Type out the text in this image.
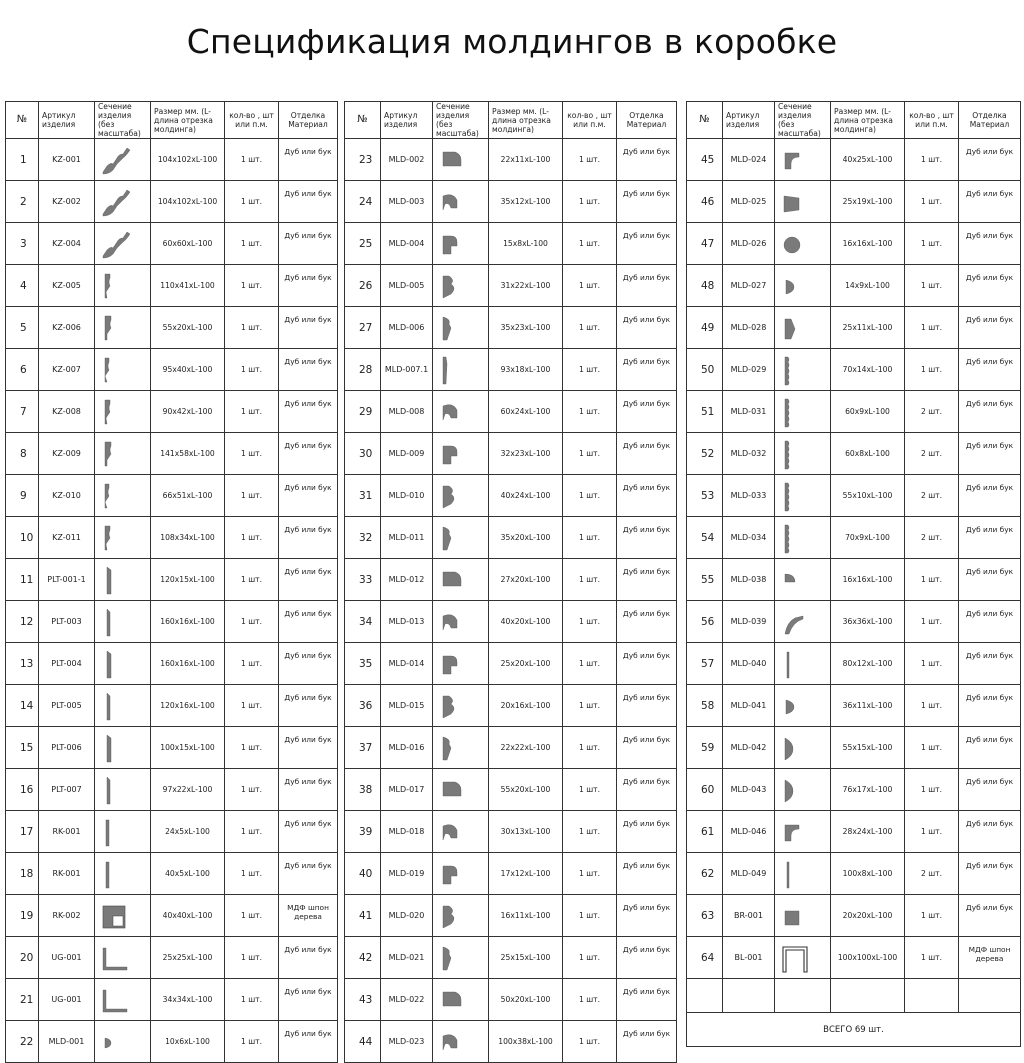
Спецификация молдингов в коробке
№	Артикул изделия	Сечение изделия (без масштаба)	Размер мм. (L-длина отрезка молдинга)	кол-во , шт или п.м.	Отделка Материал
1	KZ-001		104x102xL-100	1 шт.	Дуб или бук
2	KZ-002		104x102xL-100	1 шт.	Дуб или бук
3	KZ-004		60x60xL-100	1 шт.	Дуб или бук
4	KZ-005		110x41xL-100	1 шт.	Дуб или бук
5	KZ-006		55x20xL-100	1 шт.	Дуб или бук
6	KZ-007		95x40xL-100	1 шт.	Дуб или бук
7	KZ-008		90x42xL-100	1 шт.	Дуб или бук
8	KZ-009		141x58xL-100	1 шт.	Дуб или бук
9	KZ-010		66x51xL-100	1 шт.	Дуб или бук
10	KZ-011		108x34xL-100	1 шт.	Дуб или бук
11	PLT-001-1		120x15xL-100	1 шт.	Дуб или бук
12	PLT-003		160x16xL-100	1 шт.	Дуб или бук
13	PLT-004		160x16xL-100	1 шт.	Дуб или бук
14	PLT-005		120x16xL-100	1 шт.	Дуб или бук
15	PLT-006		100x15xL-100	1 шт.	Дуб или бук
16	PLT-007		97x22xL-100	1 шт.	Дуб или бук
17	RK-001		24x5xL-100	1 шт.	Дуб или бук
18	RK-001		40x5xL-100	1 шт.	Дуб или бук
19	RK-002		40x40xL-100	1 шт.	МДФ шпон дерева
20	UG-001		25x25xL-100	1 шт.	Дуб или бук
21	UG-001		34x34xL-100	1 шт.	Дуб или бук
22	MLD-001		10x6xL-100	1 шт.	Дуб или бук
№	Артикул изделия	Сечение изделия (без масштаба)	Размер мм. (L-длина отрезка молдинга)	кол-во , шт или п.м.	Отделка Материал
23	MLD-002		22x11xL-100	1 шт.	Дуб или бук
24	MLD-003		35x12xL-100	1 шт.	Дуб или бук
25	MLD-004		15x8xL-100	1 шт.	Дуб или бук
26	MLD-005		31x22xL-100	1 шт.	Дуб или бук
27	MLD-006		35x23xL-100	1 шт.	Дуб или бук
28	MLD-007.1		93x18xL-100	1 шт.	Дуб или бук
29	MLD-008		60x24xL-100	1 шт.	Дуб или бук
30	MLD-009		32x23xL-100	1 шт.	Дуб или бук
31	MLD-010		40x24xL-100	1 шт.	Дуб или бук
32	MLD-011		35x20xL-100	1 шт.	Дуб или бук
33	MLD-012		27x20xL-100	1 шт.	Дуб или бук
34	MLD-013		40x20xL-100	1 шт.	Дуб или бук
35	MLD-014		25x20xL-100	1 шт.	Дуб или бук
36	MLD-015		20x16xL-100	1 шт.	Дуб или бук
37	MLD-016		22x22xL-100	1 шт.	Дуб или бук
38	MLD-017		55x20xL-100	1 шт.	Дуб или бук
39	MLD-018		30x13xL-100	1 шт.	Дуб или бук
40	MLD-019		17x12xL-100	1 шт.	Дуб или бук
41	MLD-020		16x11xL-100	1 шт.	Дуб или бук
42	MLD-021		25x15xL-100	1 шт.	Дуб или бук
43	MLD-022		50x20xL-100	1 шт.	Дуб или бук
44	MLD-023		100x38xL-100	1 шт.	Дуб или бук
№	Артикул изделия	Сечение изделия (без масштаба)	Размер мм. (L-длина отрезка молдинга)	кол-во , шт или п.м.	Отделка Материал
45	MLD-024		40x25xL-100	1 шт.	Дуб или бук
46	MLD-025		25x19xL-100	1 шт.	Дуб или бук
47	MLD-026		16x16xL-100	1 шт.	Дуб или бук
48	MLD-027		14x9xL-100	1 шт.	Дуб или бук
49	MLD-028		25x11xL-100	1 шт.	Дуб или бук
50	MLD-029		70x14xL-100	1 шт.	Дуб или бук
51	MLD-031		60x9xL-100	2 шт.	Дуб или бук
52	MLD-032		60x8xL-100	2 шт.	Дуб или бук
53	MLD-033		55x10xL-100	2 шт.	Дуб или бук
54	MLD-034		70x9xL-100	2 шт.	Дуб или бук
55	MLD-038		16x16xL-100	1 шт.	Дуб или бук
56	MLD-039		36x36xL-100	1 шт.	Дуб или бук
57	MLD-040		80x12xL-100	1 шт.	Дуб или бук
58	MLD-041		36x11xL-100	1 шт.	Дуб или бук
59	MLD-042		55x15xL-100	1 шт.	Дуб или бук
60	MLD-043		76x17xL-100	1 шт.	Дуб или бук
61	MLD-046		28x24xL-100	1 шт.	Дуб или бук
62	MLD-049		100x8xL-100	2 шт.	Дуб или бук
63	BR-001		20x20xL-100	1 шт.	Дуб или бук
64	BL-001		100x100xL-100	1 шт.	МДФ шпон дерева

ВСЕГО 69 шт.					
